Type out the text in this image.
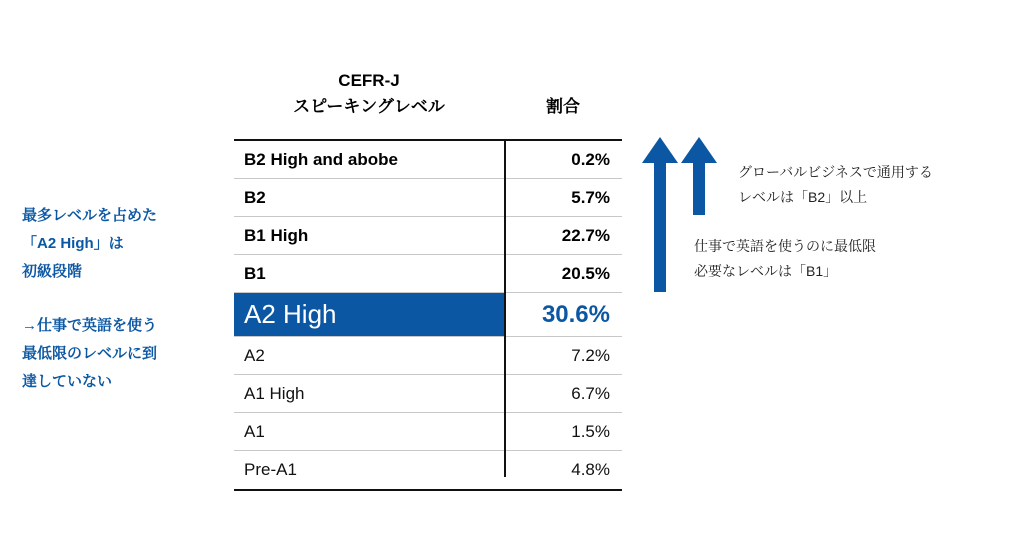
CEFR-J
スピーキングレベル	割合
B2 High and abobe	0.2%
B2	5.7%
B1 High	22.7%
B1	20.5%
A2 High	30.6%
A2	7.2%
A1 High	6.7%
A1	1.5%
Pre-A1	4.8%
最多レベルを占めた
「A2 High」は
初級段階
→仕事で英語を使う
最低限のレベルに到
達していない
グローバルビジネスで通用する
レベルは「B2」以上
仕事で英語を使うのに最低限
必要なレベルは「B1」
